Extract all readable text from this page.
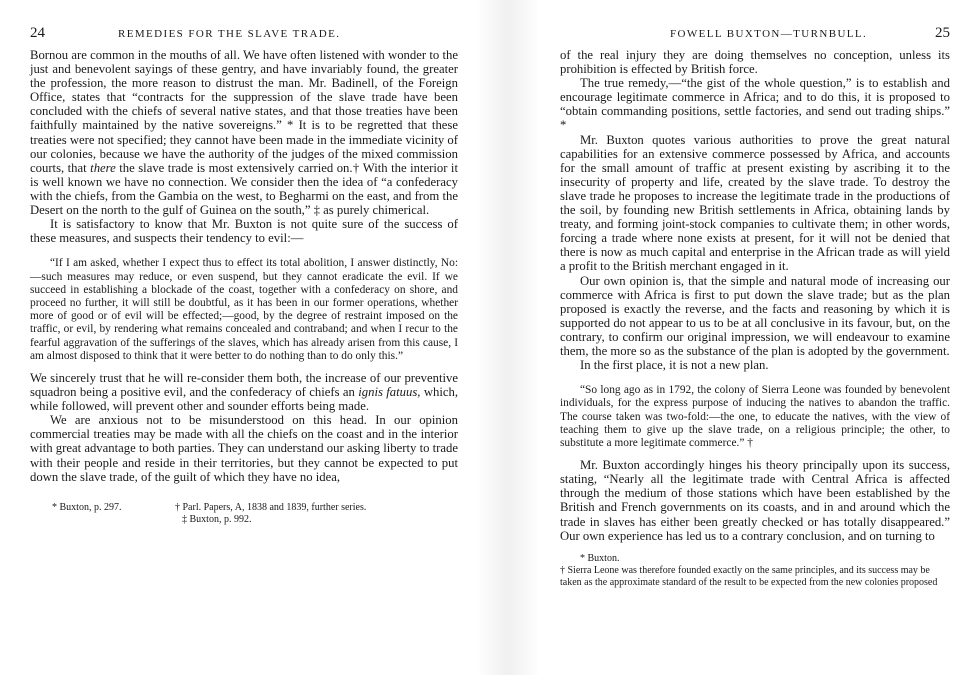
24	REMEDIES FOR THE SLAVE TRADE.

Bornou are common in the mouths of all. We have often listened with wonder to the just and benevolent sayings of these gentry, and have invariably found, the greater the profession, the more reason to distrust the man. Mr. Badinell, of the Foreign Office, states that “contracts for the suppression of the slave trade have been concluded with the chiefs of several native states, and that those treaties have been faithfully maintained by the native sovereigns.” * It is to be regretted that these treaties were not specified; they cannot have been made in the immediate vicinity of our colonies, because we have the authority of the judges of the mixed commission courts, that there the slave trade is most extensively carried on.† With the interior it is well known we have no connection. We consider then the idea of “a confederacy with the chiefs, from the Gambia on the west, to Begharmi on the east, and from the Desert on the north to the gulf of Guinea on the south,” ‡ as purely chimerical.

It is satisfactory to know that Mr. Buxton is not quite sure of the success of these measures, and suspects their tendency to evil:—

“If I am asked, whether I expect thus to effect its total abolition, I answer distinctly, No:—such measures may reduce, or even suspend, but they cannot eradicate the evil. If we succeed in establishing a blockade of the coast, together with a confederacy on shore, and proceed no further, it will still be doubtful, as it has been in our former operations, whether more of good or of evil will be effected;—good, by the degree of restraint imposed on the traffic, or evil, by rendering what remains concealed and contraband; and when I recur to the fearful aggravation of the sufferings of the slaves, which has already arisen from this cause, I am almost disposed to think that it were better to do nothing than to do only this.”

We sincerely trust that he will re-consider them both, the increase of our preventive squadron being a positive evil, and the confederacy of chiefs an ignis fatuus, which, while followed, will prevent other and sounder efforts being made.

We are anxious not to be misunderstood on this head. In our opinion commercial treaties may be made with all the chiefs on the coast and in the interior with great advantage to both parties. They can understand our asking liberty to trade with their people and reside in their territories, but they cannot be expected to put down the slave trade, of the guilt of which they have no idea,

* Buxton, p. 297.	† Parl. Papers, A, 1838 and 1839, further series.
‡ Buxton, p. 992.
FOWELL BUXTON—TURNBULL.	25

of the real injury they are doing themselves no conception, unless its prohibition is effected by British force.

The true remedy,—“the gist of the whole question,” is to establish and encourage legitimate commerce in Africa; and to do this, it is proposed to “obtain commanding positions, settle factories, and send out trading ships.” *

Mr. Buxton quotes various authorities to prove the great natural capabilities for an extensive commerce possessed by Africa, and accounts for the small amount of traffic at present existing by ascribing it to the insecurity of property and life, created by the slave trade. To destroy the slave trade he proposes to increase the legitimate trade in the productions of the soil, by founding new British settlements in Africa, obtaining lands by treaty, and forming joint-stock companies to cultivate them; in other words, forcing a trade where none exists at present, for it will not be denied that there is now as much capital and enterprise in the African trade as will yield a profit to the British merchant engaged in it.

Our own opinion is, that the simple and natural mode of increasing our commerce with Africa is first to put down the slave trade; but as the plan proposed is exactly the reverse, and the facts and reasoning by which it is supported do not appear to us to be at all conclusive in its favour, but, on the contrary, to confirm our original impression, we will endeavour to examine them, the more so as the substance of the plan is adopted by the government.

In the first place, it is not a new plan.

“So long ago as in 1792, the colony of Sierra Leone was founded by benevolent individuals, for the express purpose of inducing the natives to abandon the traffic. The course taken was two-fold:—the one, to educate the natives, with the view of teaching them to give up the slave trade, on a religious principle; the other, to substitute a more legitimate commerce.” †

Mr. Buxton accordingly hinges his theory principally upon its success, stating, “Nearly all the legitimate trade with Central Africa is affected through the medium of those stations which have been established by the British and French governments on its coasts, and in and around which the trade in slaves has either been greatly checked or has totally disappeared.” Our own experience has led us to a contrary conclusion, and on turning to

* Buxton.

† Sierra Leone was therefore founded exactly on the same principles, and its success may be taken as the approximate standard of the result to be expected from the new colonies proposed
